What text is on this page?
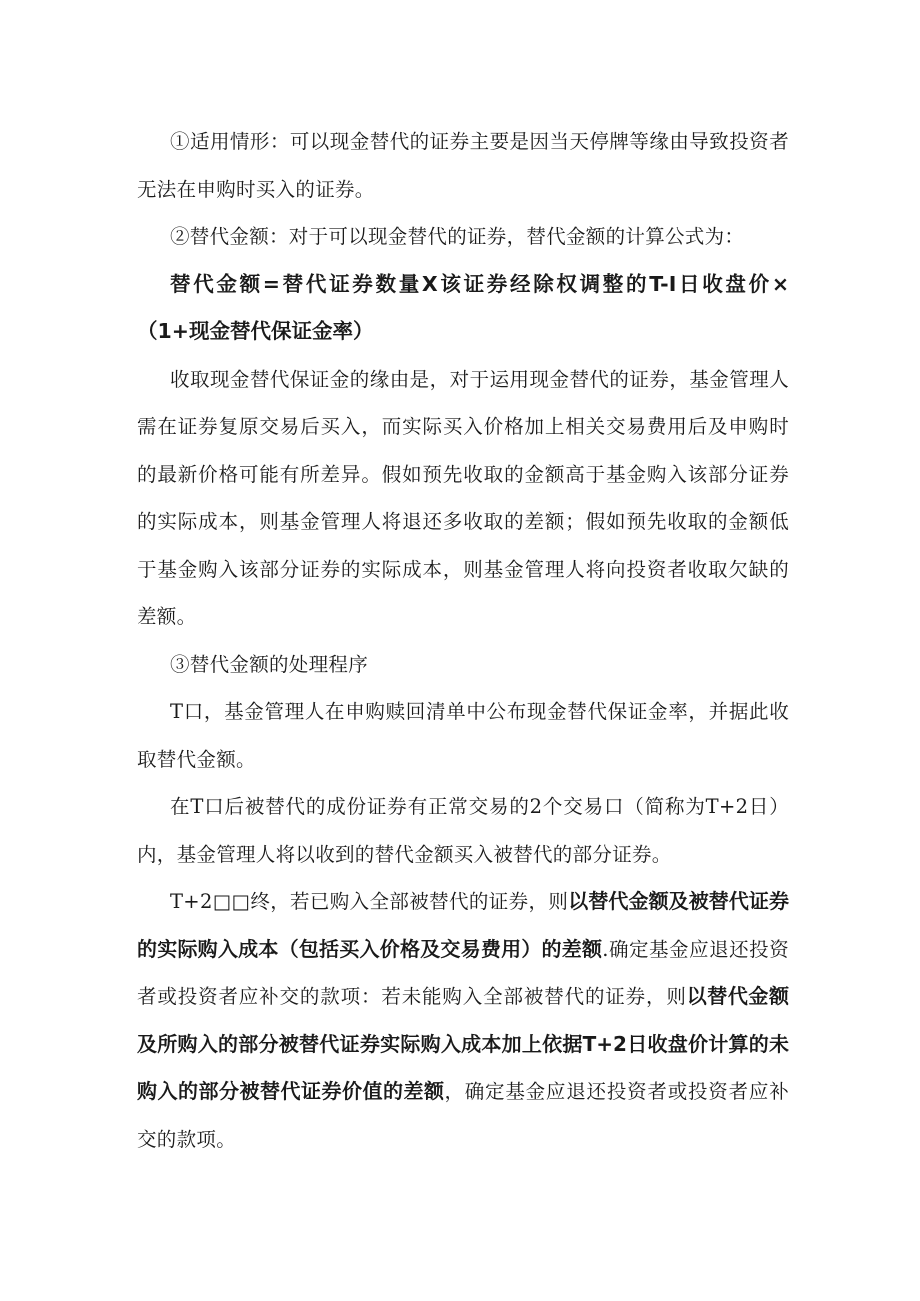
①适用情形：可以现金替代的证券主要是因当天停牌等缘由导致投资者无法在申购时买入的证券。

②替代金额：对于可以现金替代的证券，替代金额的计算公式为：

替代金额=替代证券数量X该证券经除权调整的T-I日收盘价×（1+现金替代保证金率）

收取现金替代保证金的缘由是，对于运用现金替代的证券，基金管理人需在证券复原交易后买入，而实际买入价格加上相关交易费用后及申购时的最新价格可能有所差异。假如预先收取的金额高于基金购入该部分证券的实际成本，则基金管理人将退还多收取的差额；假如预先收取的金额低于基金购入该部分证券的实际成本，则基金管理人将向投资者收取欠缺的差额。

③替代金额的处理程序

T口，基金管理人在申购赎回清单中公布现金替代保证金率，并据此收取替代金额。

在T口后被替代的成份证券有正常交易的2个交易口（简称为T+2日）内，基金管理人将以收到的替代金额买入被替代的部分证券。

T+2□□终，若已购入全部被替代的证券，则以替代金额及被替代证券的实际购入成本（包括买入价格及交易费用）的差额.确定基金应退还投资者或投资者应补交的款项：若未能购入全部被替代的证券，则以替代金额及所购入的部分被替代证券实际购入成本加上依据T+2日收盘价计算的未购入的部分被替代证券价值的差额，确定基金应退还投资者或投资者应补交的款项。
